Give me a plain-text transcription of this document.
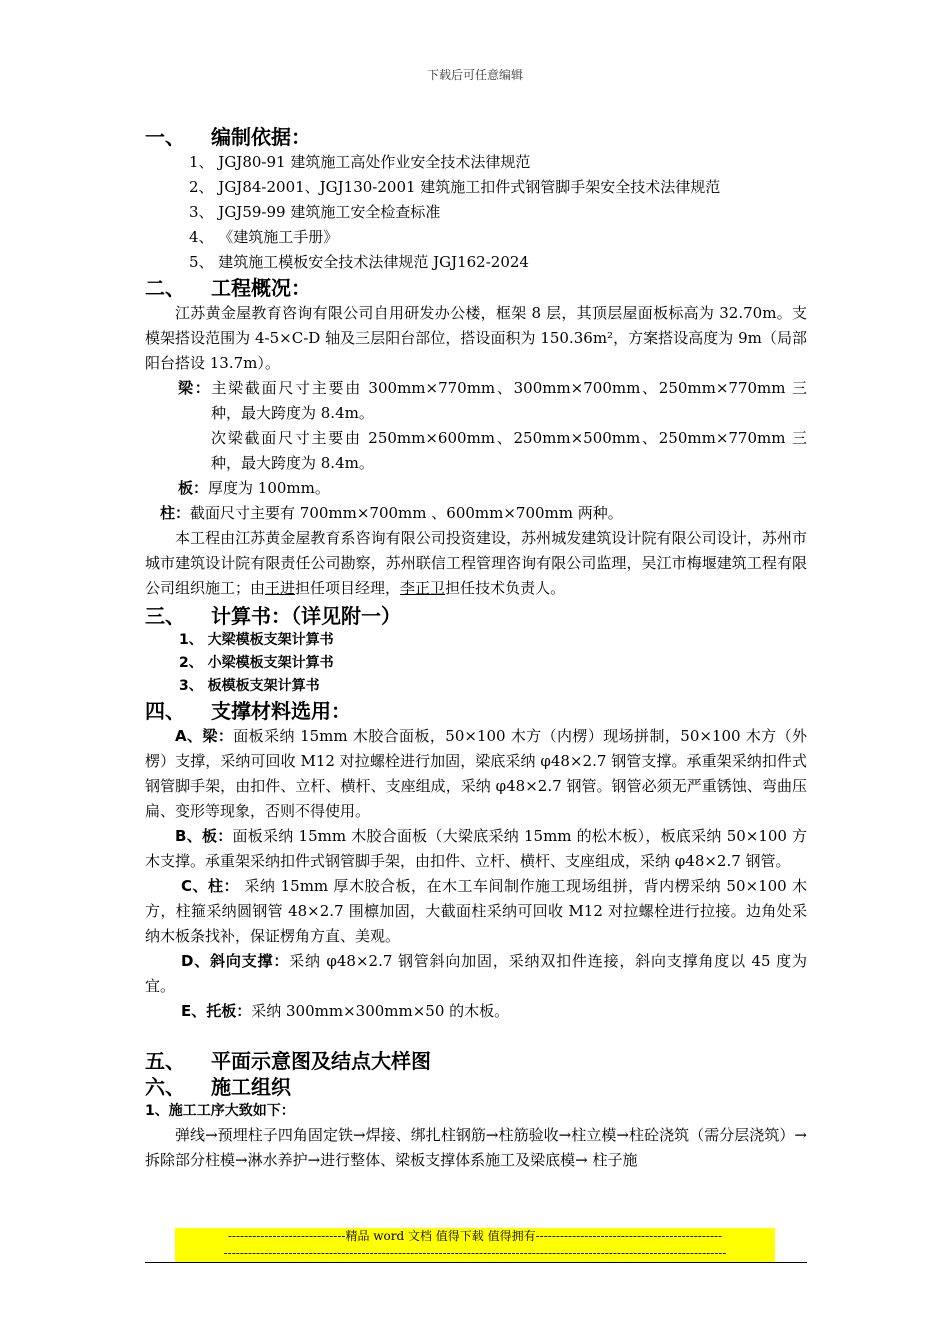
下载后可任意编辑
一、 编制依据：
1、 JGJ80-91 建筑施工高处作业安全技术法律规范
2、 JGJ84-2001、JGJ130-2001 建筑施工扣件式钢管脚手架安全技术法律规范
3、 JGJ59-99 建筑施工安全检查标准
4、 《建筑施工手册》
5、 建筑施工模板安全技术法律规范 JGJ162-2024
二、 工程概况：
江苏黄金屋教育咨询有限公司自用研发办公楼，框架 8 层，其顶层屋面板标高为 32.70m。支模架搭设范围为 4-5×C-D 轴及三层阳台部位，搭设面积为 150.36m²，方案搭设高度为 9m（局部阳台搭设 13.7m）。
梁：主梁截面尺寸主要由 300mm×770mm、300mm×700mm、250mm×770mm 三种，最大跨度为 8.4m。
次梁截面尺寸主要由 250mm×600mm、250mm×500mm、250mm×770mm 三种，最大跨度为 8.4m。
板：厚度为 100mm。
柱：截面尺寸主要有 700mm×700mm 、600mm×700mm 两种。
本工程由江苏黄金屋教育系咨询有限公司投资建设，苏州城发建筑设计院有限公司设计，苏州市城市建筑设计院有限责任公司勘察，苏州联信工程管理咨询有限公司监理，吴江市梅堰建筑工程有限公司组织施工；由王进担任项目经理，李正卫担任技术负责人。
三、 计算书：（详见附一）
1、 大梁模板支架计算书
2、 小梁模板支架计算书
3、 板模板支架计算书
四、 支撑材料选用：
A、梁：面板采纳 15mm 木胶合面板，50×100 木方（内楞）现场拼制，50×100 木方（外楞）支撑，采纳可回收 M12 对拉螺栓进行加固，梁底采纳 φ48×2.7 钢管支撑。承重架采纳扣件式钢管脚手架，由扣件、立杆、横杆、支座组成，采纳 φ48×2.7 钢管。钢管必须无严重锈蚀、弯曲压扁、变形等现象，否则不得使用。
B、板：面板采纳 15mm 木胶合面板（大梁底采纳 15mm 的松木板），板底采纳 50×100 方木支撑。承重架采纳扣件式钢管脚手架，由扣件、立杆、横杆、支座组成，采纳 φ48×2.7 钢管。
C、柱： 采纳 15mm 厚木胶合板，在木工车间制作施工现场组拼，背内楞采纳 50×100 木方，柱箍采纳圆钢管 48×2.7 围檩加固，大截面柱采纳可回收 M12 对拉螺栓进行拉接。边角处采纳木板条找补，保证楞角方直、美观。
D、斜向支撑：采纳 φ48×2.7 钢管斜向加固，采纳双扣件连接，斜向支撑角度以 45 度为宜。
E、托板：采纳 300mm×300mm×50 的木板。
五、 平面示意图及结点大样图
六、 施工组织
1、施工工序大致如下：
弹线→预埋柱子四角固定铁→焊接、绑扎柱钢筋→柱筋验收→柱立模→柱砼浇筑（需分层浇筑）→拆除部分柱模→淋水养护→进行整体、梁板支撑体系施工及梁底模→ 柱子施
-----------------------------精品 word 文档 值得下载 值得拥有----------------------------------------------
----------------------------------------------------------------------------------------------------------------------------
